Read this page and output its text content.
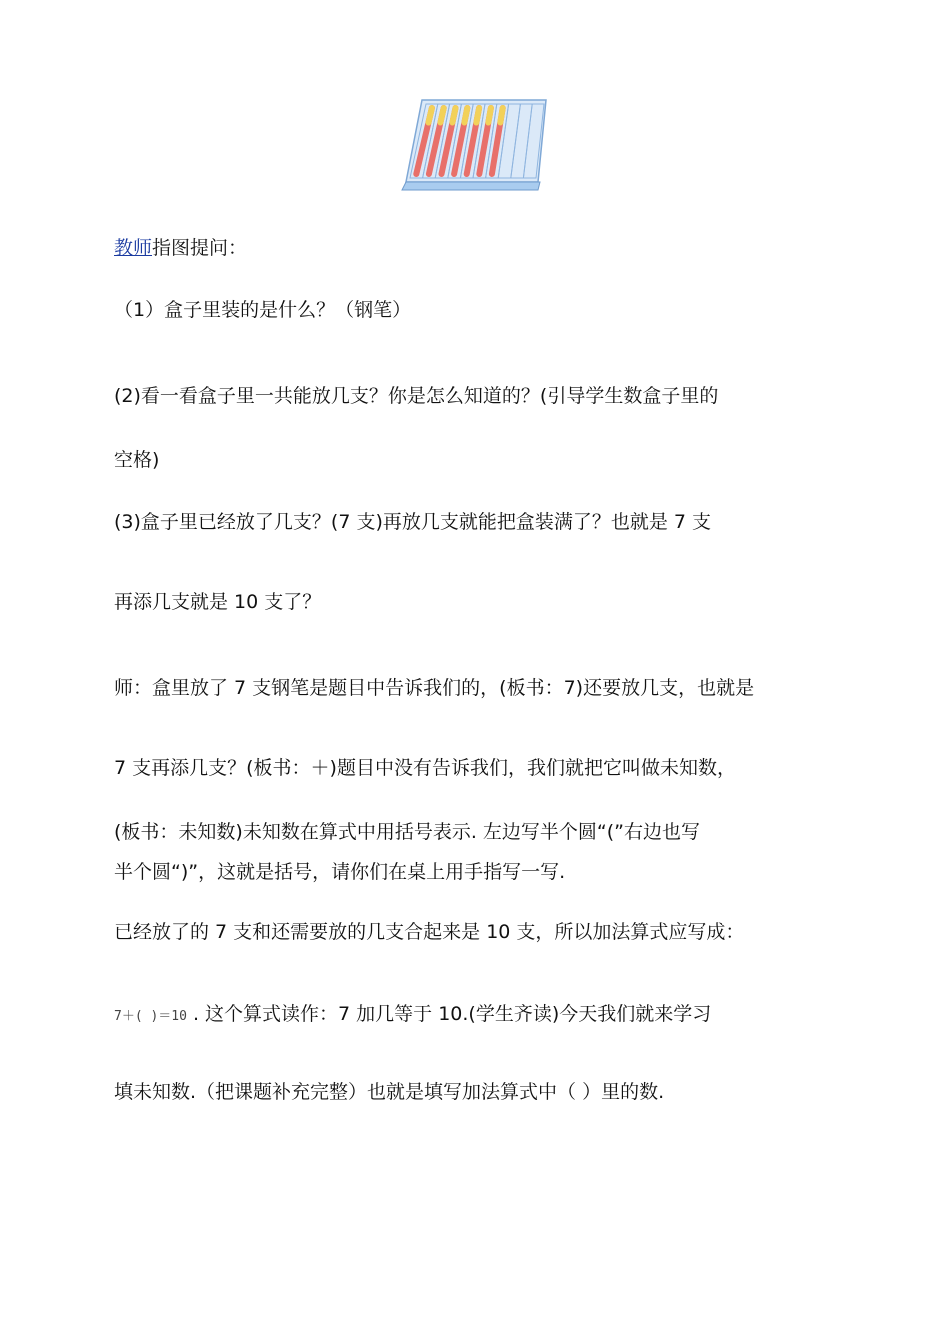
教师指图提问：
（1）盒子里装的是什么？（钢笔）
(2)看一看盒子里一共能放几支？你是怎么知道的？(引导学生数盒子里的
空格)
(3)盒子里已经放了几支？(7 支)再放几支就能把盒装满了？也就是 7 支
再添几支就是 10 支了？
师：盒里放了 7 支钢笔是题目中告诉我们的，(板书：7)还要放几支，也就是
7 支再添几支？(板书：＋)题目中没有告诉我们，我们就把它叫做未知数，
(板书：未知数)未知数在算式中用括号表示. 左边写半个圆“(”右边也写
半个圆“)”，这就是括号，请你们在桌上用手指写一写.
已经放了的 7 支和还需要放的几支合起来是 10 支，所以加法算式应写成：
7＋( )＝10 . 这个算式读作：7 加几等于 10.(学生齐读)今天我们就来学习
填未知数.（把课题补充完整）也就是填写加法算式中（ ）里的数.
